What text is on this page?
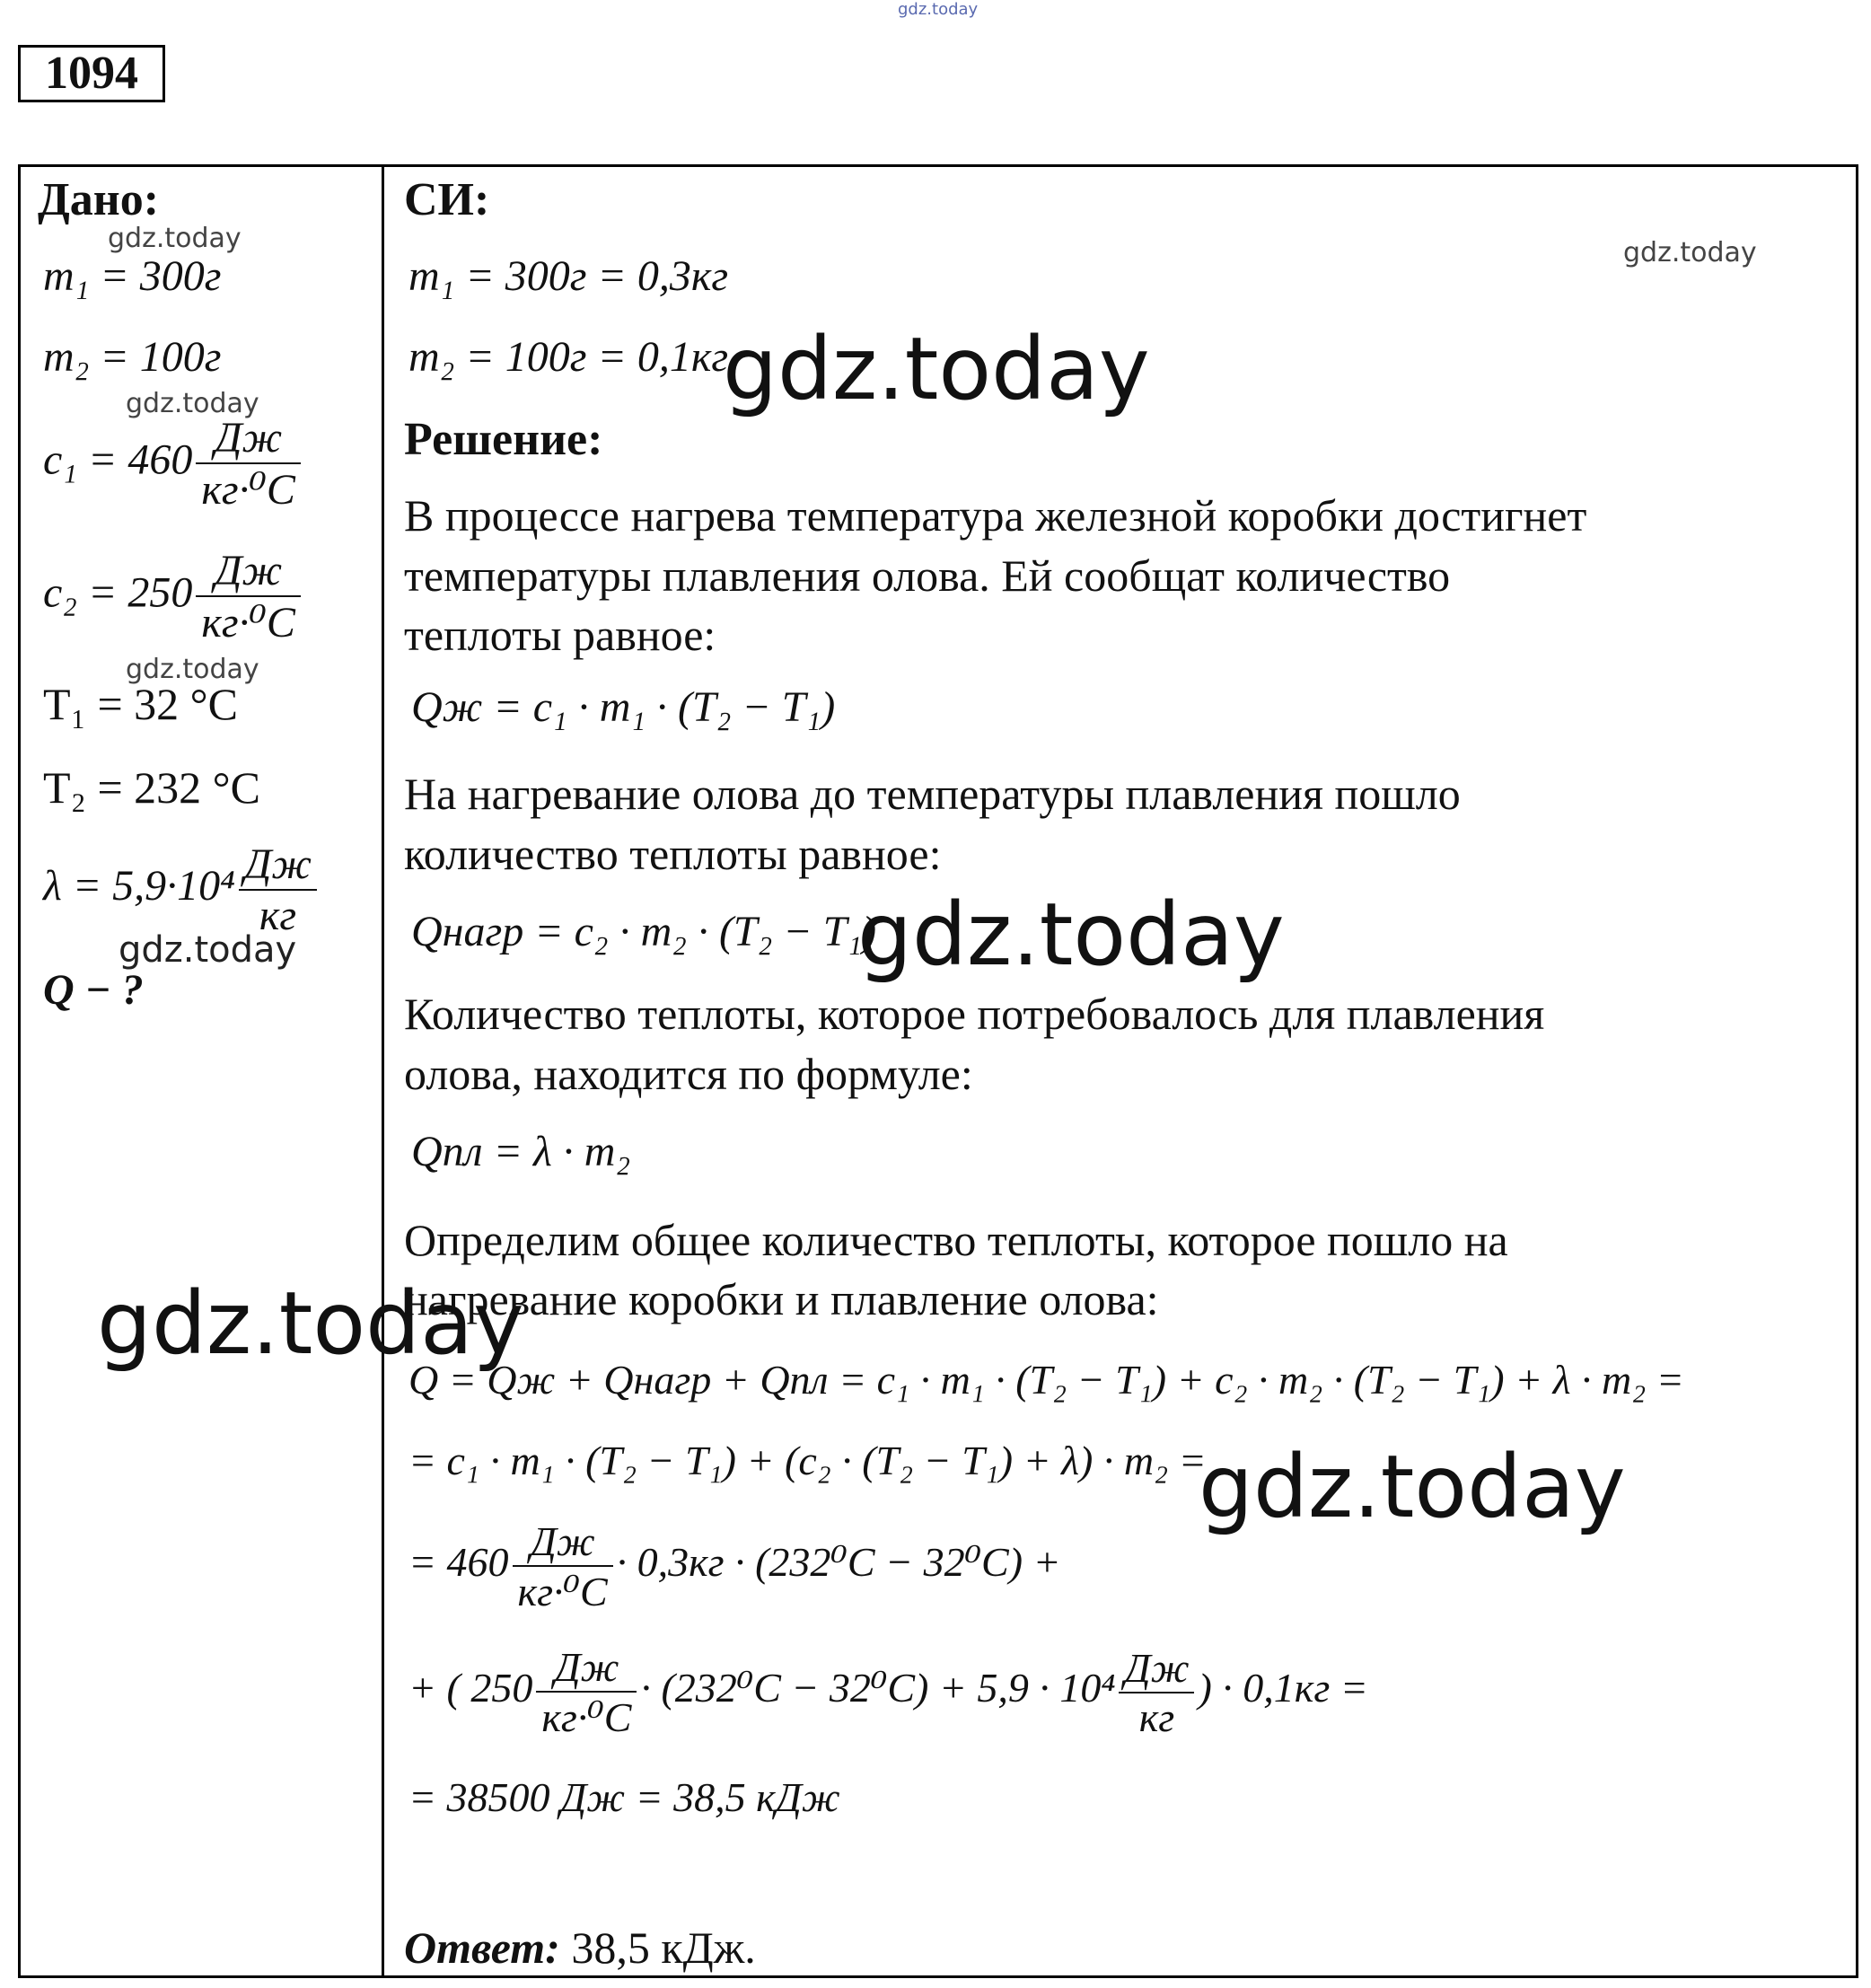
gdz.today
1094
Дано:
gdz.today
m₁ = 300г
m₂ = 100г
gdz.today
$c_1 = 460 \frac{Дж}{\text{кг·⁰C}}$
$c_2 = 250 \frac{Дж}{\text{кг·⁰C}}$
gdz.today
T₁ = 32 °C
T₂ = 232 °C
$\lambda = 5,9\cdot 10^4 \frac{Дж}{кг}$
gdz.today
Q − ?
gdz.today
СИ:
gdz.today
m₁ = 300г = 0,3кг
m₂ = 100г = 0,1кг
gdz.today
Решение:
В процессе нагрева температура железной коробки достигнет
температуры плавления олова. Ей сообщат количество
теплоты равное:
Qж = c₁ · m₁ · (T₂ − T₁)
На нагревание олова до температуры плавления пошло
количество теплоты равное:
Qнагр = c₂ · m₂ · (T₂ − T₁)
gdz.today
Количество теплоты, которое потребовалось для плавления
олова, находится по формуле:
Qпл = λ · m₂
Определим общее количество теплоты, которое пошло на
нагревание коробки и плавление олова:
Q = Qж + Qнагр + Qпл = c₁ · m₁ · (T₂ − T₁) + c₂ · m₂ · (T₂ − T₁) + λ · m₂ =
= c₁ · m₁ · (T₂ − T₁) + (c₂ · (T₂ − T₁) + λ) · m₂ =
gdz.today
= $460 \frac{Дж}{\text{кг·⁰C}} \cdot 0,3кг \cdot (232^0C - 32^0C)$ +
+ ( $250 \frac{Дж}{\text{кг·⁰C}} \cdot (232^0C - 32^0C) + 5,9 \cdot 10^4 \frac{Дж}{кг}$ ) · 0,1кг =
= 38500 Дж = 38,5 кДж
Ответ: 38,5 кДж.
